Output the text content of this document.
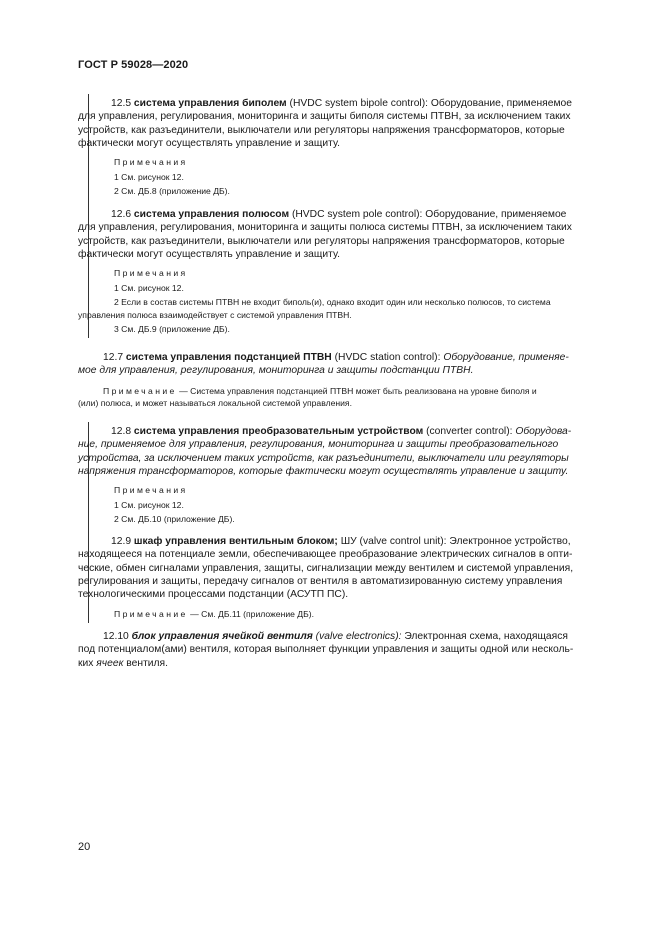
ГОСТ Р 59028—2020

12.5 система управления биполем (HVDC system bipole control): Оборудование, применяемое

для управления, регулирования, мониторинга и защиты биполя системы ПТВН, за исключением таких

устройств, как разъединители, выключатели или регуляторы напряжения трансформаторов, которые

фактически могут осуществлять управление и защиту.

Примечания

1 См. рисунок 12.

2 См. ДБ.8 (приложение ДБ).

12.6 система управления полюсом (HVDC system pole control): Оборудование, применяемое

для управления, регулирования, мониторинга и защиты полюса системы ПТВН, за исключением таких

устройств, как разъединители, выключатели или регуляторы напряжения трансформаторов, которые

фактически могут осуществлять управление и защиту.

Примечания

1 См. рисунок 12.

2 Если в состав системы ПТВН не входит биполь(и), однако входит один или несколько полюсов, то система

управления полюса взаимодействует с системой управления ПТВН.

3 См. ДБ.9 (приложение ДБ).

12.7 система управления подстанцией ПТВН (HVDC station control): Оборудование, применяе-

мое для управления, регулирования, мониторинга и защиты подстанции ПТВН.

Примечание — Система управления подстанцией ПТВН может быть реализована на уровне биполя и

(или) полюса, и может называться локальной системой управления.

12.8 система управления преобразовательным устройством (converter control): Оборудова-

ние, применяемое для управления, регулирования, мониторинга и защиты преобразовательного

устройства, за исключением таких устройств, как разъединители, выключатели или регуляторы

напряжения трансформаторов, которые фактически могут осуществлять управление и защиту.

Примечания

1 См. рисунок 12.

2 См. ДБ.10 (приложение ДБ).

12.9 шкаф управления вентильным блоком; ШУ (valve control unit): Электронное устройство,

находящееся на потенциале земли, обеспечивающее преобразование электрических сигналов в опти-

ческие, обмен сигналами управления, защиты, сигнализации между вентилем и системой управления,

регулирования и защиты, передачу сигналов от вентиля в автоматизированную систему управления

технологическими процессами подстанции (АСУТП ПС).

Примечание — См. ДБ.11 (приложение ДБ).

12.10 блок управления ячейкой вентиля (valve electronics): Электронная схема, находящаяся

под потенциалом(ами) вентиля, которая выполняет функции управления и защиты одной или несколь-

ких ячеек вентиля.

20
